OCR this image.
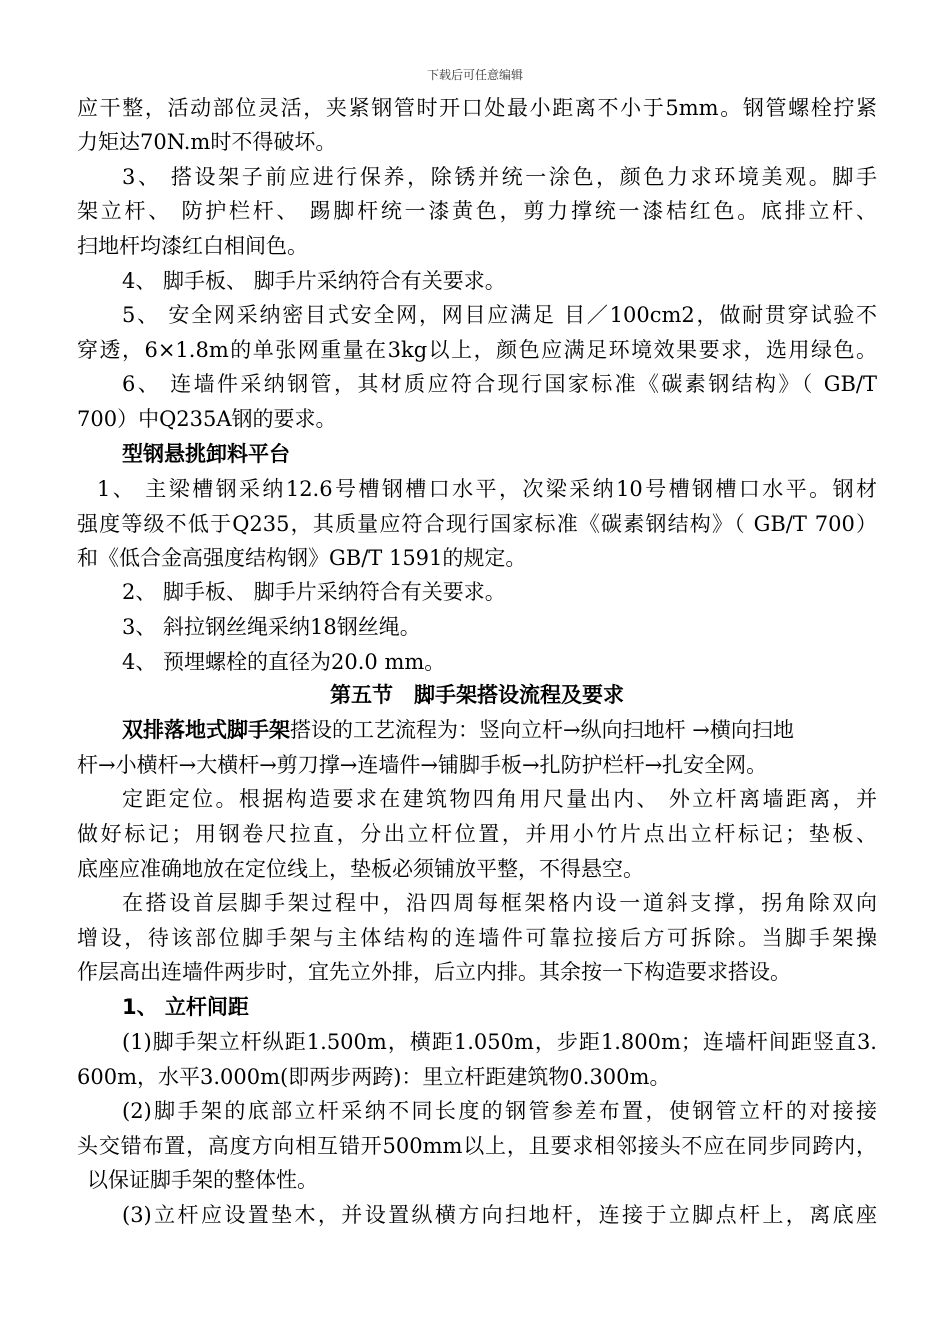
下载后可任意编辑
应干整，活动部位灵活，夹紧钢管时开口处最小距离不小于5mm。钢管螺栓拧紧
力矩达70N.m时不得破坏。
3、 搭设架子前应进行保养，除锈并统一涂色，颜色力求环境美观。脚手
架立杆、 防护栏杆、 踢脚杆统一漆黄色，剪力撑统一漆桔红色。底排立杆、
扫地杆均漆红白相间色。
4、 脚手板、 脚手片采纳符合有关要求。
5、 安全网采纳密目式安全网，网目应满足 目／100cm2，做耐贯穿试验不
穿透，6×1.8m的单张网重量在3kg以上，颜色应满足环境效果要求，选用绿色。
6、 连墙件采纳钢管，其材质应符合现行国家标准《碳素钢结构》（ GB/T
700）中Q235A钢的要求。
型钢悬挑卸料平台
1、 主梁槽钢采纳12.6号槽钢槽口水平，次梁采纳10号槽钢槽口水平。钢材
强度等级不低于Q235，其质量应符合现行国家标准《碳素钢结构》（ GB/T 700）
和《低合金高强度结构钢》GB/T 1591的规定。
2、 脚手板、 脚手片采纳符合有关要求。
3、 斜拉钢丝绳采纳18钢丝绳。
4、 预埋螺栓的直径为20.0 mm。
第五节　脚手架搭设流程及要求
双排落地式脚手架搭设的工艺流程为：竖向立杆→纵向扫地杆 →横向扫地
杆→小横杆→大横杆→剪刀撑→连墙件→铺脚手板→扎防护栏杆→扎安全网。
定距定位。根据构造要求在建筑物四角用尺量出内、 外立杆离墙距离，并
做好标记；用钢卷尺拉直，分出立杆位置，并用小竹片点出立杆标记；垫板、
底座应准确地放在定位线上，垫板必须铺放平整，不得悬空。
在搭设首层脚手架过程中，沿四周每框架格内设一道斜支撑，拐角除双向
增设，待该部位脚手架与主体结构的连墙件可靠拉接后方可拆除。当脚手架操
作层高出连墙件两步时，宜先立外排，后立内排。其余按一下构造要求搭设。
1、 立杆间距
(1)脚手架立杆纵距1.500m，横距1.050m，步距1.800m；连墙杆间距竖直3.
600m，水平3.000m(即两步两跨)：里立杆距建筑物0.300m。
(2)脚手架的底部立杆采纳不同长度的钢管参差布置，使钢管立杆的对接接
头交错布置，高度方向相互错开500mm以上，且要求相邻接头不应在同步同跨内，
以保证脚手架的整体性。
(3)立杆应设置垫木，并设置纵横方向扫地杆，连接于立脚点杆上，离底座
